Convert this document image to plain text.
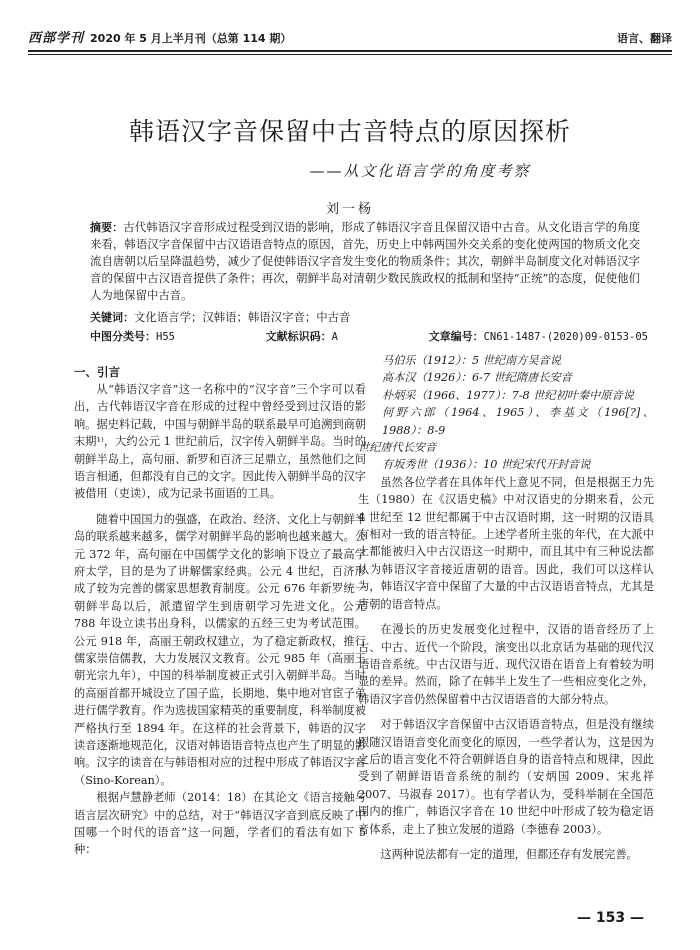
西部学刊 2020 年 5 月上半月刊（总第 114 期）	语言、翻译
韩语汉字音保留中古音特点的原因探析
——从文化语言学的角度考察
刘一杨
摘要：古代韩语汉字音形成过程受到汉语的影响，形成了韩语汉字音且保留汉语中古音。从文化语言学的角度来看，韩语汉字音保留中古汉语语音特点的原因，首先，历史上中韩两国外交关系的变化使两国的物质文化交流自唐朝以后呈降温趋势，减少了促使韩语汉字音发生变化的物质条件；其次，朝鲜半岛制度文化对韩语汉字音的保留中古汉语音提供了条件；再次，朝鲜半岛对清朝少数民族政权的抵制和坚持“正统”的态度，促使他们人为地保留中古音。
关键词：文化语言学；汉韩语；韩语汉字音；中古音
中图分类号：H55	文献标识码：A	文章编号：CN61-1487-(2020)09-0153-05

一、引言

从“韩语汉字音”这一名称中的“汉字音”三个字可以看出，古代韩语汉字音在形成的过程中曾经受到过汉语的影响。据史料记载，中国与朝鲜半岛的联系最早可追溯到商朝末期¹⁾，大约公元 1 世纪前后，汉字传入朝鲜半岛。当时的朝鲜半岛上，高句丽、新罗和百济三足鼎立，虽然他们之间语言相通，但都没有自己的文字。因此传入朝鲜半岛的汉字被借用（吏读），成为记录书面语的工具。

随着中国国力的强盛，在政治、经济、文化上与朝鲜半岛的联系越来越多，儒学对朝鲜半岛的影响也越来越大。公元 372 年，高句丽在中国儒学文化的影响下设立了最高学府太学，目的是为了讲解儒家经典。公元 4 世纪，百济形成了较为完善的儒家思想教育制度。公元 676 年新罗统一朝鲜半岛以后，派遣留学生到唐朝学习先进文化。公元 788 年设立读书出身科，以儒家的五经三史为考试范围。公元 918 年，高丽王朝政权建立，为了稳定新政权，推行儒家崇信儒教，大力发展汉文教育。公元 985 年（高丽王朝光宗九年），中国的科举制度被正式引入朝鲜半岛。当时的高丽首都开城设立了国子监，长期地、集中地对官宦子弟进行儒学教育。作为选拔国家精英的重要制度，科举制度被严格执行至 1894 年。在这样的社会背景下，韩语的汉字读音逐渐地规范化，汉语对韩语语音特点也产生了明显的影响。汉字的读音在与韩语相对应的过程中形成了韩语汉字音（Sino-Korean）。

根据卢慧静老师（2014：18）在其论文《语言接触与语言层次研究》中的总结，对于“韩语汉字音到底反映了中国哪一个时代的语音”这一问题，学者们的看法有如下 5 种：

马伯乐（1912）：5 世纪南方吴音说

高本汉（1926）：6-7 世纪隋唐长安音

朴炳采（1966、1977）：7-8 世纪初叶秦中原音说

何野六郎（1964、1965）、李基文（196[?]、1988）：8-9

世纪唐代长安音

有坂秀世（1936）：10 世纪宋代开封音说

虽然各位学者在具体年代上意见不同，但是根据王力先生（1980）在《汉语史稿》中对汉语史的分期来看，公元 4 世纪至 12 世纪都属于中古汉语时期，这一时期的汉语具有相对一致的语言特征。上述学者所主张的年代，在大派中上都能被归入中古汉语这一时期中，而且其中有三种说法都认为韩语汉字音接近唐朝的语音。因此，我们可以这样认为，韩语汉字音中保留了大量的中古汉语语音特点，尤其是唐朝的语音特点。

在漫长的历史发展变化过程中，汉语的语音经历了上古、中古、近代一个阶段，演变出以北京话为基础的现代汉语语音系统。中古汉语与近、现代汉语在语音上有着较为明显的差异。然而，除了在韩半上发生了一些相应变化之外，韩语汉字音仍然保留着中古汉语语音的大部分特点。

对于韩语汉字音保留中古汉语语音特点，但是没有继续跟随汉语语音变化而变化的原因，一些学者认为，这是因为之后的语言变化不符合朝鲜语自身的语音特点和规律，因此受到了朝鲜语语音系统的制约（安炳国 2009、宋兆祥 2007、马淑春 2017）。也有学者认为，受科举制在全国范围内的推广，韩语汉字音在 10 世纪中叶形成了较为稳定语音体系，走上了独立发展的道路（李德春 2003）。

这两种说法都有一定的道理，但都还存有发展完善。

— 153 —
